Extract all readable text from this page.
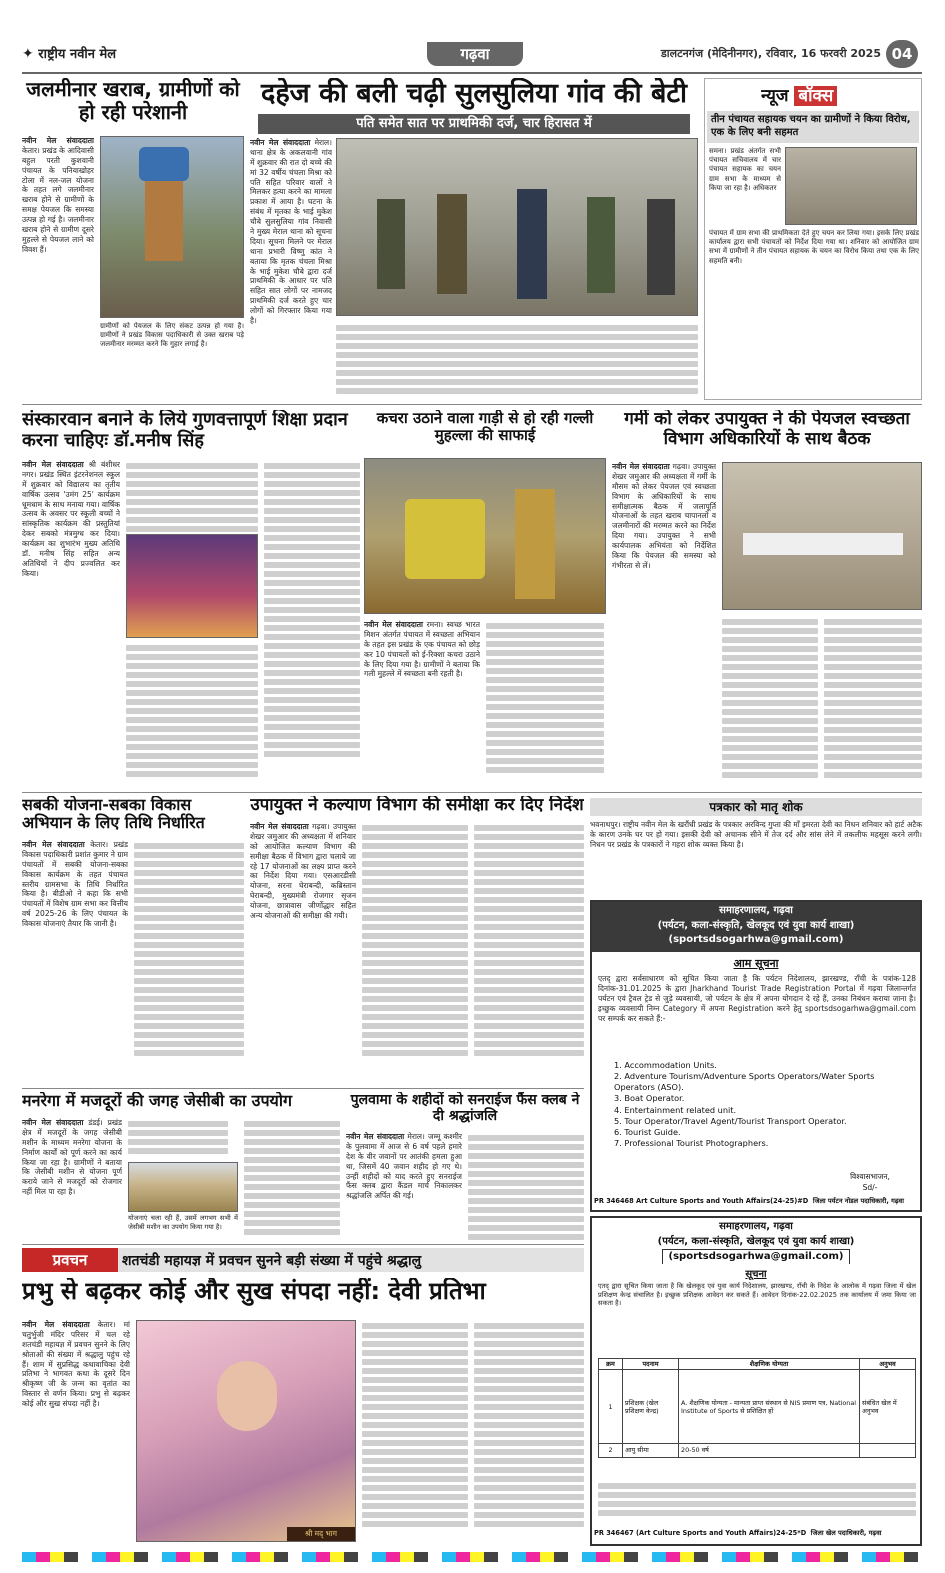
✦ राष्ट्रीय नवीन मेल	गढ़वा	डालटनगंज (मेदिनीनगर), रविवार, 16 फरवरी 2025 04
जलमीनार खराब, ग्रामीणों को हो रही परेशानी
नवीन मेल संवाददाता केतार। प्रखंड के आदिवासी बहुल परती कुशवानी पंचायत के पनियाखोहर टोला में नल-जल योजना के तहत लगे जलमीनार खराब होने से ग्रामीणों के समक्ष पेयजल कि समस्या उत्पन्न हो गई है। जलमीनार खराब होने से ग्रामीण दूसरे मुहल्ले से पेयजल लाने को विवश हैं।
ग्रामीणों को पेयजल के लिए संकट उत्पन्न हो गया है। ग्रामीणों ने प्रखंड विकास पदाधिकारी से उक्त खराब पड़े जलमीनार मरम्मत करने कि गुहार लगाई है।
दहेज की बली चढ़ी सुलसुलिया गांव की बेटी
पति समेत सात पर प्राथमिकी दर्ज, चार हिरासत में
नवीन मेल संवाददाता मेराल। थाना क्षेत्र के अकलवानी गांव में शुक्रवार की रात दो बच्चे की मां 32 वर्षीय चंचला मिश्रा को पति सहित परिवार वालों ने मिलकर हत्या करने का मामला प्रकाश में आया है। घटना के संबंध में मृतका के भाई मुकेश चौबे सुलसुलिया गांव निवासी ने मुख्य मेराल थाना को सूचना दिया। सूचना मिलने पर मेराल थाना प्रभारी विष्णु कांत ने बताया कि मृतक चंचला मिश्रा के भाई मुकेश चौबे द्वारा दर्ज प्राथमिकी के आधार पर पति सहित सात लोगों पर नामजद प्राथमिकी दर्ज करते हुए चार लोगों को गिरफ्तार किया गया है।
न्यूज बॉक्स
तीन पंचायत सहायक चयन का ग्रामीणों ने किया विरोध, एक के लिए बनी सहमत
समना। प्रखंड अंतर्गत सभी पंचायत सचिवालय में चार पंचायत सहायक का चयन ग्राम सभा के माध्यम से किया जा रहा है। अधिकतर
पंचायत में ग्राम सभा की प्राथमिकता देते हुए चयन कर लिया गया। इसके लिए प्रखंड कार्यालय द्वारा सभी पंचायतों को निर्देश दिया गया था। शनिवार को आयोजित ग्राम सभा में ग्रामीणों ने तीन पंचायत सहायक के चयन का विरोध किया तथा एक के लिए सहमति बनी।
संस्कारवान बनाने के लिये गुणवत्तापूर्ण शिक्षा प्रदान करना चाहिएः डॉ.मनीष सिंह
नवीन मेल संवाददाता श्री बंशीधर नगर। प्रखंड स्थित इंटरनेशनल स्कूल में शुक्रवार को विद्यालय का तृतीय वार्षिक उत्सव 'उमंग 25' कार्यक्रम धूमधाम के साथ मनाया गया। वार्षिक उत्सव के अवसर पर स्कूली बच्चों ने सांस्कृतिक कार्यक्रम की प्रस्तुतियां देकर सबको मंत्रमुग्ध कर दिया। कार्यक्रम का शुभारंभ मुख्य अतिथि डॉ. मनीष सिंह सहित अन्य अतिथियों ने दीप प्रज्वलित कर किया।
कचरा उठाने वाला गाड़ी से हो रही गल्ली मुहल्ला की साफाई
नवीन मेल संवाददाता रमना। स्वच्छ भारत मिशन अंतर्गत पंचायत में स्वच्छता अभियान के तहत इस प्रखंड के एक पंचायत को छोड़ कर 10 पंचायतों को ई-रिक्शा कचरा उठाने के लिए दिया गया है। ग्रामीणों ने बताया कि गली मुहल्ले में स्वच्छता बनी रहती है।
गर्मी को लेकर उपायुक्त ने की पेयजल स्वच्छता विभाग अधिकारियों के साथ बैठक
नवीन मेल संवाददाता गढ़वा। उपायुक्त शेखर जमुआर की अध्यक्षता में गर्मी के मौसम को लेकर पेयजल एवं स्वच्छता विभाग के अधिकारियों के साथ समीक्षात्मक बैठक में जलापूर्ति योजनाओं के तहत खराब चापानलों व जलमीनारों की मरम्मत करने का निर्देश दिया गया। उपायुक्त ने सभी कार्यपालक अभियंता को निर्देशित किया कि पेयजल की समस्या को गंभीरता से लें।
सबकी योजना-सबका विकास अभियान के लिए तिथि निर्धारित
नवीन मेल संवाददाता केतार। प्रखंड विकास पदाधिकारी प्रशांत कुमार ने ग्राम पंचायतों में सबकी योजना-सबका विकास कार्यक्रम के तहत पंचायत स्तरीय ग्रामसभा के तिथि निर्धारित किया है। बीडीओ ने कहा कि सभी पंचायतों में विशेष ग्राम सभा कर वित्तीय वर्ष 2025-26 के लिए पंचायत के विकास योजनाएं तैयार कि जानी है।
उपायुक्त ने कल्याण विभाग की समीक्षा कर दिए निर्देश
नवीन मेल संवाददाता गढ़वा। उपायुक्त शेखर जमुआर की अध्यक्षता में शनिवार को आयोजित कल्याण विभाग की समीक्षा बैठक में विभाग द्वारा चलाये जा रहे 17 योजनाओं का लक्ष्य प्राप्त करने का निर्देश दिया गया। एसआरडीसी योजना, सरना घेराबन्दी, कब्रिस्तान घेराबन्दी, मुख्यमंत्री रोजगार सृजन योजना, छात्रावास जीर्णोद्धार सहित अन्य योजनाओं की समीक्षा की गयी।
पत्रकार को मातृ शोक
भवनाथपुर। राष्ट्रीय नवीन मेल के खरौंधी प्रखंड के पत्रकार अरविन्द गुप्ता की माँ इमरता देवी का निधन शनिवार को हार्ट अटैक के कारण उनके घर पर हो गया। इसकी देवी को अचानक सीने में तेज दर्द और सांस लेने में तकलीफ महसूस करने लगी। निधन पर प्रखंड के पत्रकारों ने गहरा शोक व्यक्त किया है।
समाहरणालय, गढ़वा
(पर्यटन, कला-संस्कृति, खेलकूद एवं युवा कार्य शाखा)
(sportsdsogarhwa@gmail.com)
आम सूचना
एतद् द्वारा सर्वसाधारण को सूचित किया जाता है कि पर्यटन निदेशालय, झारखण्ड, राँची के पत्रांक-128 दिनांक-31.01.2025 के द्वारा Jharkhand Tourist Trade Registration Portal में गढ़वा जिलान्तर्गत पर्यटन एवं ट्रैवल ट्रेड से जुड़े व्यवसायी, जो पर्यटन के क्षेत्र में अपना योगदान दे रहे हैं, उनका निबंधन कराया जाना है। इच्छुक व्यवसायी निम्न Category में अपना Registration करने हेतु sportsdsogarhwa@gmail.com पर सम्पर्क कर सकते हैं:-
1. Accommodation Units.
2. Adventure Tourism/Adventure Sports Operators/Water Sports Operators (ASO).
3. Boat Operator.
4. Entertainment related unit.
5. Tour Operator/Travel Agent/Tourist Transport Operator.
6. Tourist Guide.
7. Professional Tourist Photographers.
विश्वासभाजन,
Sd/-
PR 346468 Art Culture Sports and Youth Affairs(24-25)#D जिला पर्यटन नोडल पदाधिकारी, गढ़वा
मनरेगा में मजदूरों की जगह जेसीबी का उपयोग
नवीन मेल संवाददाता डंडई। प्रखंड क्षेत्र में मजदूरों के जगह जेसीबी मशीन के माध्यम मनरेगा योजना के निर्माण कार्यों को पूर्ण करने का कार्य किया जा रहा है। ग्रामीणों ने बताया कि जेसीबी मशीन से योजना पूर्ण कराये जाने से मजदूरों को रोजगार नहीं मिल पा रहा है।
योजनाएं चला रही हैं, उसमें लगभग सभी में जेसीबी मशीन का उपयोग किया गया है।
पुलवामा के शहीदों को सनराईज फैंस क्लब ने दी श्रद्धांजलि
नवीन मेल संवाददाता मेराल। जम्मू कश्मीर के पुलवामा में आज से 6 वर्ष पहले हमारे देश के वीर जवानों पर आतंकी हमला हुआ था, जिसमें 40 जवान शहीद हो गए थे। उन्हीं शहीदों को याद करते हुए सनराईज फैंस क्लब द्वारा कैंडल मार्च निकालकर श्रद्धांजलि अर्पित की गई।
प्रवचन	शतचंडी महायज्ञ में प्रवचन सुनने बड़ी संख्या में पहुंचे श्रद्धालु
प्रभु से बढ़कर कोई और सुख संपदा नहीं: देवी प्रतिभा
नवीन मेल संवाददाता केतार। मां चतुर्भुजी मंदिर परिसर में चल रहे शतचंडी महायज्ञ में प्रवचन सुनने के लिए श्रोताओं की संख्या में श्रद्धालु पहुंच रहे हैं। शाम में सुप्रसिद्ध कथावाचिका देवी प्रतिभा ने भागवत कथा के दूसरे दिन श्रीकृष्ण जी के जन्म का वृतांत का विस्तार से वर्णन किया। प्रभु से बढ़कर कोई और सुख संपदा नहीं है।
श्री मद् भाग
समाहरणालय, गढ़वा
(पर्यटन, कला-संस्कृति, खेलकूद एवं युवा कार्य शाखा)
(sportsdsogarhwa@gmail.com)
सूचना
एतद् द्वारा सूचित किया जाता है कि खेलकूद एवं युवा कार्य निदेशालय, झारखण्ड, राँची के निदेश के आलोक में गढ़वा जिला में खेल प्रशिक्षण केन्द्र संचालित है। इच्छुक प्रशिक्षक आवेदन कर सकते हैं। आवेदन दिनांक-22.02.2025 तक कार्यालय में जमा किया जा सकता है।
क्रम	पदनाम	शैक्षणिक योग्यता	अनुभव
1	प्रशिक्षक (खेल प्रशिक्षण केन्द्र)	A. शैक्षणिक योग्यता - मान्यता प्राप्त संस्थान से NIS प्रमाण पत्र, National Institute of Sports से प्रशिक्षित हों	संबंधित खेल में अनुभव
2	आयु सीमा	20-50 वर्ष	
PR 346467 (Art Culture Sports and Youth Affairs)24-25*D जिला खेल पदाधिकारी, गढ़वा
